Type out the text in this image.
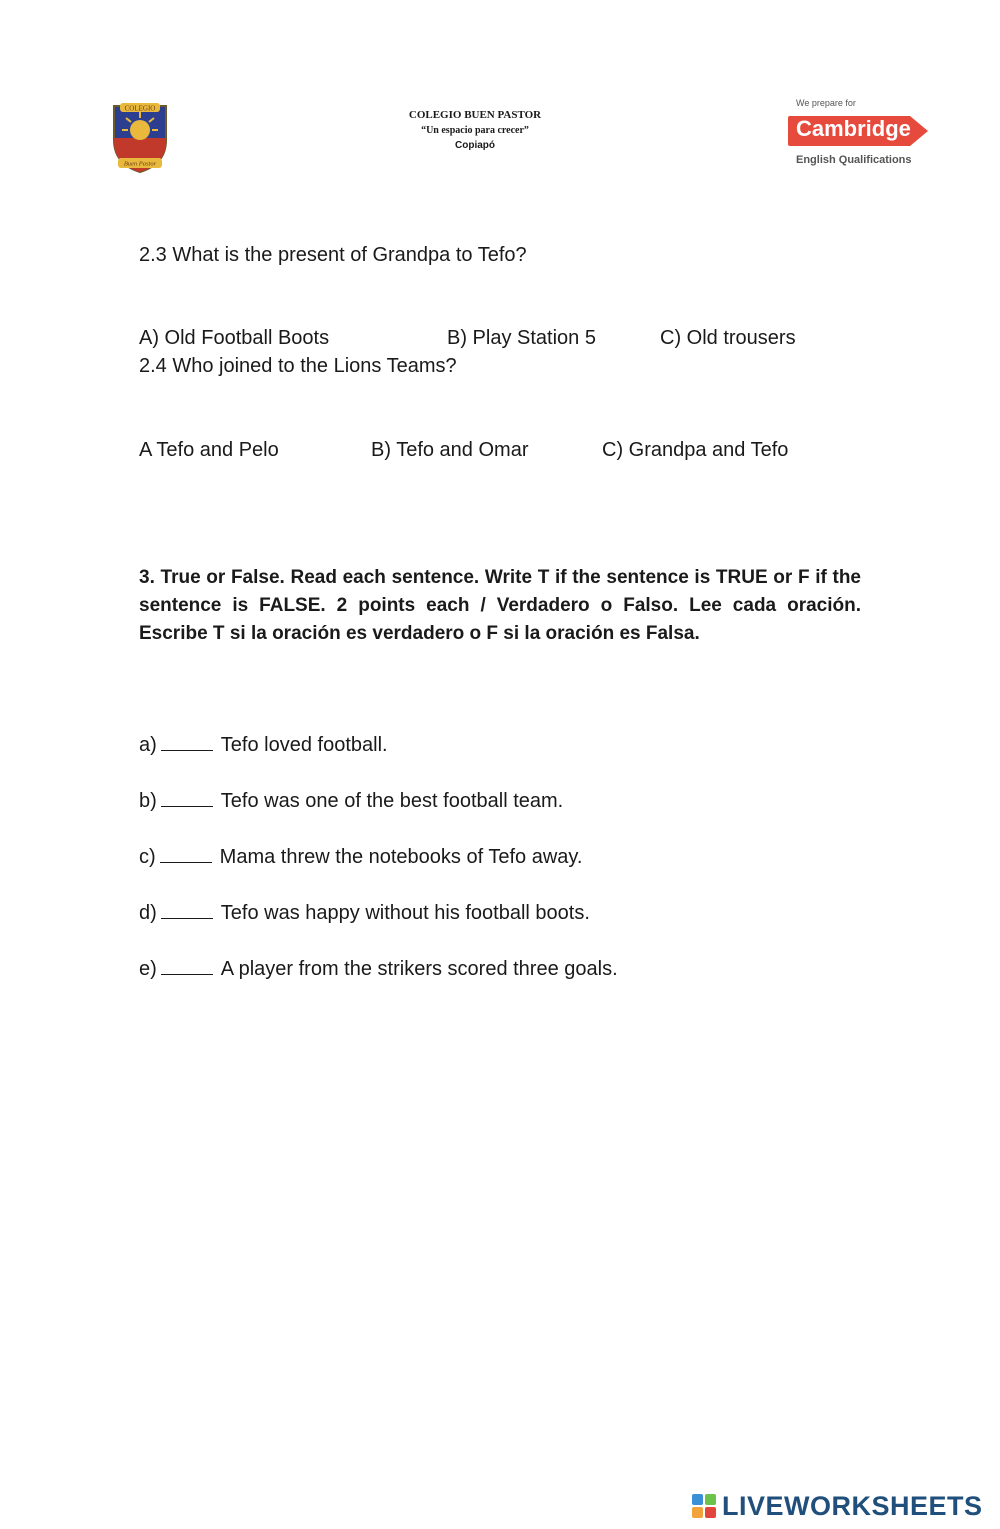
COLEGIO
Buen Pastor
COLEGIO BUEN PASTOR
“Un espacio para crecer”
Copiapó
We prepare for
Cambridge
English Qualifications
2.3 What is the present of Grandpa to Tefo?
A) Old Football Boots	B) Play Station 5	C) Old trousers
2.4 Who joined to the Lions Teams?
A Tefo and Pelo	B) Tefo and Omar	C) Grandpa and Tefo
3. True or False. Read each sentence. Write T if the sentence is TRUE or F if the sentence is FALSE. 2 points each / Verdadero o Falso. Lee cada oración. Escribe T si la oración es verdadero o F si la oración es Falsa.
a)	Tefo loved football.
b)	Tefo was one of the best football team.
c)	Mama threw the notebooks of Tefo away.
d)	Tefo was happy without his football boots.
e)	A player from the strikers scored three goals.
LIVEWORKSHEETS
